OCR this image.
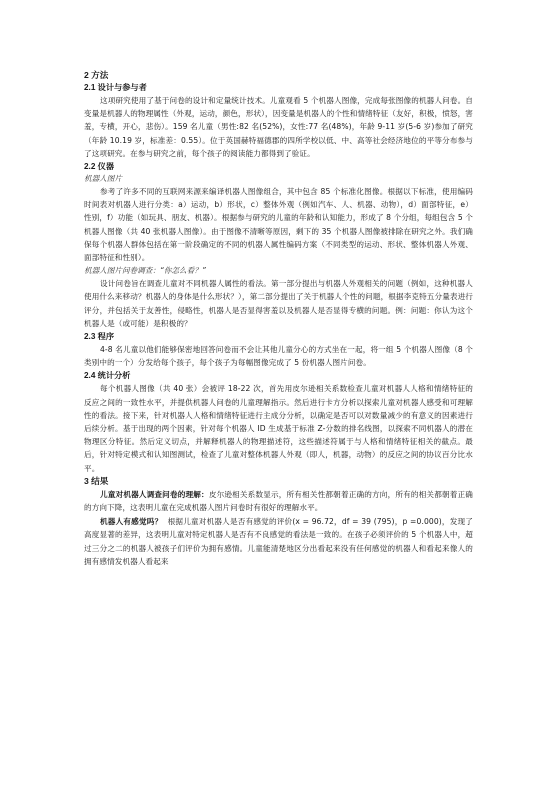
2 方法
2.1 设计与参与者

这项研究使用了基于问卷的设计和定量统计技术。儿童观看 5 个机器人图像，完成每张图像的机器人问卷。自变量是机器人的物理属性（外观，运动，颜色，形状），因变量是机器人的个性和情绪特征（友好，积极，愤怒，害羞，专横，开心，悲伤）。159 名儿童（男性:82 名(52%)，女性:77 名(48%)，年龄 9-11 岁(5-6 岁)参加了研究（年龄 10.19 岁，标准差：0.55）。位于英国赫特福德郡的四所学校以低、中、高等社会经济地位的平等分布参与了这项研究。在参与研究之前，每个孩子的阅读能力都得到了验证。

2.2 仪器
机器人图片

参考了许多不同的互联网来源来编译机器人图像组合，其中包含 85 个标准化图像。根据以下标准，使用编码时间表对机器人进行分类：a）运动，b）形状，c）整体外观（例如汽车、人、机器、动物），d）面部特征，e）性别，f）功能（如玩具、朋友、机器）。根据参与研究的儿童的年龄和认知能力，形成了 8 个分组，每组包含 5 个机器人图像（共 40 张机器人图像）。由于图像不清晰等原因，剩下的 35 个机器人图像被排除在研究之外。我们确保每个机器人群体包括在第一阶段确定的不同的机器人属性编码方案（不同类型的运动、形状、整体机器人外观、面部特征和性别）。

机器人图片问卷调查：“你怎么看？”

设计问卷旨在调查儿童对不同机器人属性的看法。第一部分提出与机器人外观相关的问题（例如，这种机器人使用什么来移动？机器人的身体是什么形状？），第二部分提出了关于机器人个性的问题，根据李克特五分量表进行评分，并包括关于友善性，侵略性，机器人是否显得害羞以及机器人是否显得专横的问题。例：问题：你认为这个机器人是（或可能）是积极的？

2.3 程序

4-8 名儿童以他们能够保密地回答问卷而不会让其他儿童分心的方式坐在一起，将一组 5 个机器人图像（8 个类别中的一个）分发给每个孩子，每个孩子为每幅图像完成了 5 份机器人图片问卷。

2.4 统计分析

每个机器人图像（共 40 张）会被评 18-22 次，首先用皮尔逊相关系数检查儿童对机器人人格和情绪特征的反应之间的一致性水平，并提供机器人问卷的儿童理解指示。然后进行卡方分析以探索儿童对机器人感受和可理解性的看法。接下来，针对机器人人格和情绪特征进行主成分分析，以确定是否可以对数量减少的有意义的因素进行后续分析。基于出现的两个因素，针对每个机器人 ID 生成基于标准 Z-分数的排名线图，以探索不同机器人的潜在物理区分特征。然后定义切点，并解释机器人的物理描述符，这些描述符属于与人格和情绪特征相关的截点。最后，针对特定模式和认知图测试，检查了儿童对整体机器人外观（即人，机器，动物）的反应之间的协议百分比水平。

3 结果

儿童对机器人调查问卷的理解：皮尔逊相关系数显示，所有相关性都朝着正确的方向，所有的相关都朝着正确的方向下降，这表明儿童在完成机器人图片问卷时有很好的理解水平。

机器人有感觉吗？ 根据儿童对机器人是否有感觉的评价(x = 96.72，df = 39 (795)，p =0.000)，发现了高度显著的差异，这表明儿童对特定机器人是否有不良感觉的看法是一致的。在孩子必须评价的 5 个机器人中，超过三分之二的机器人被孩子们评价为拥有感情。儿童能清楚地区分出看起来没有任何感觉的机器人和看起来像人的拥有感情发机器人看起来
